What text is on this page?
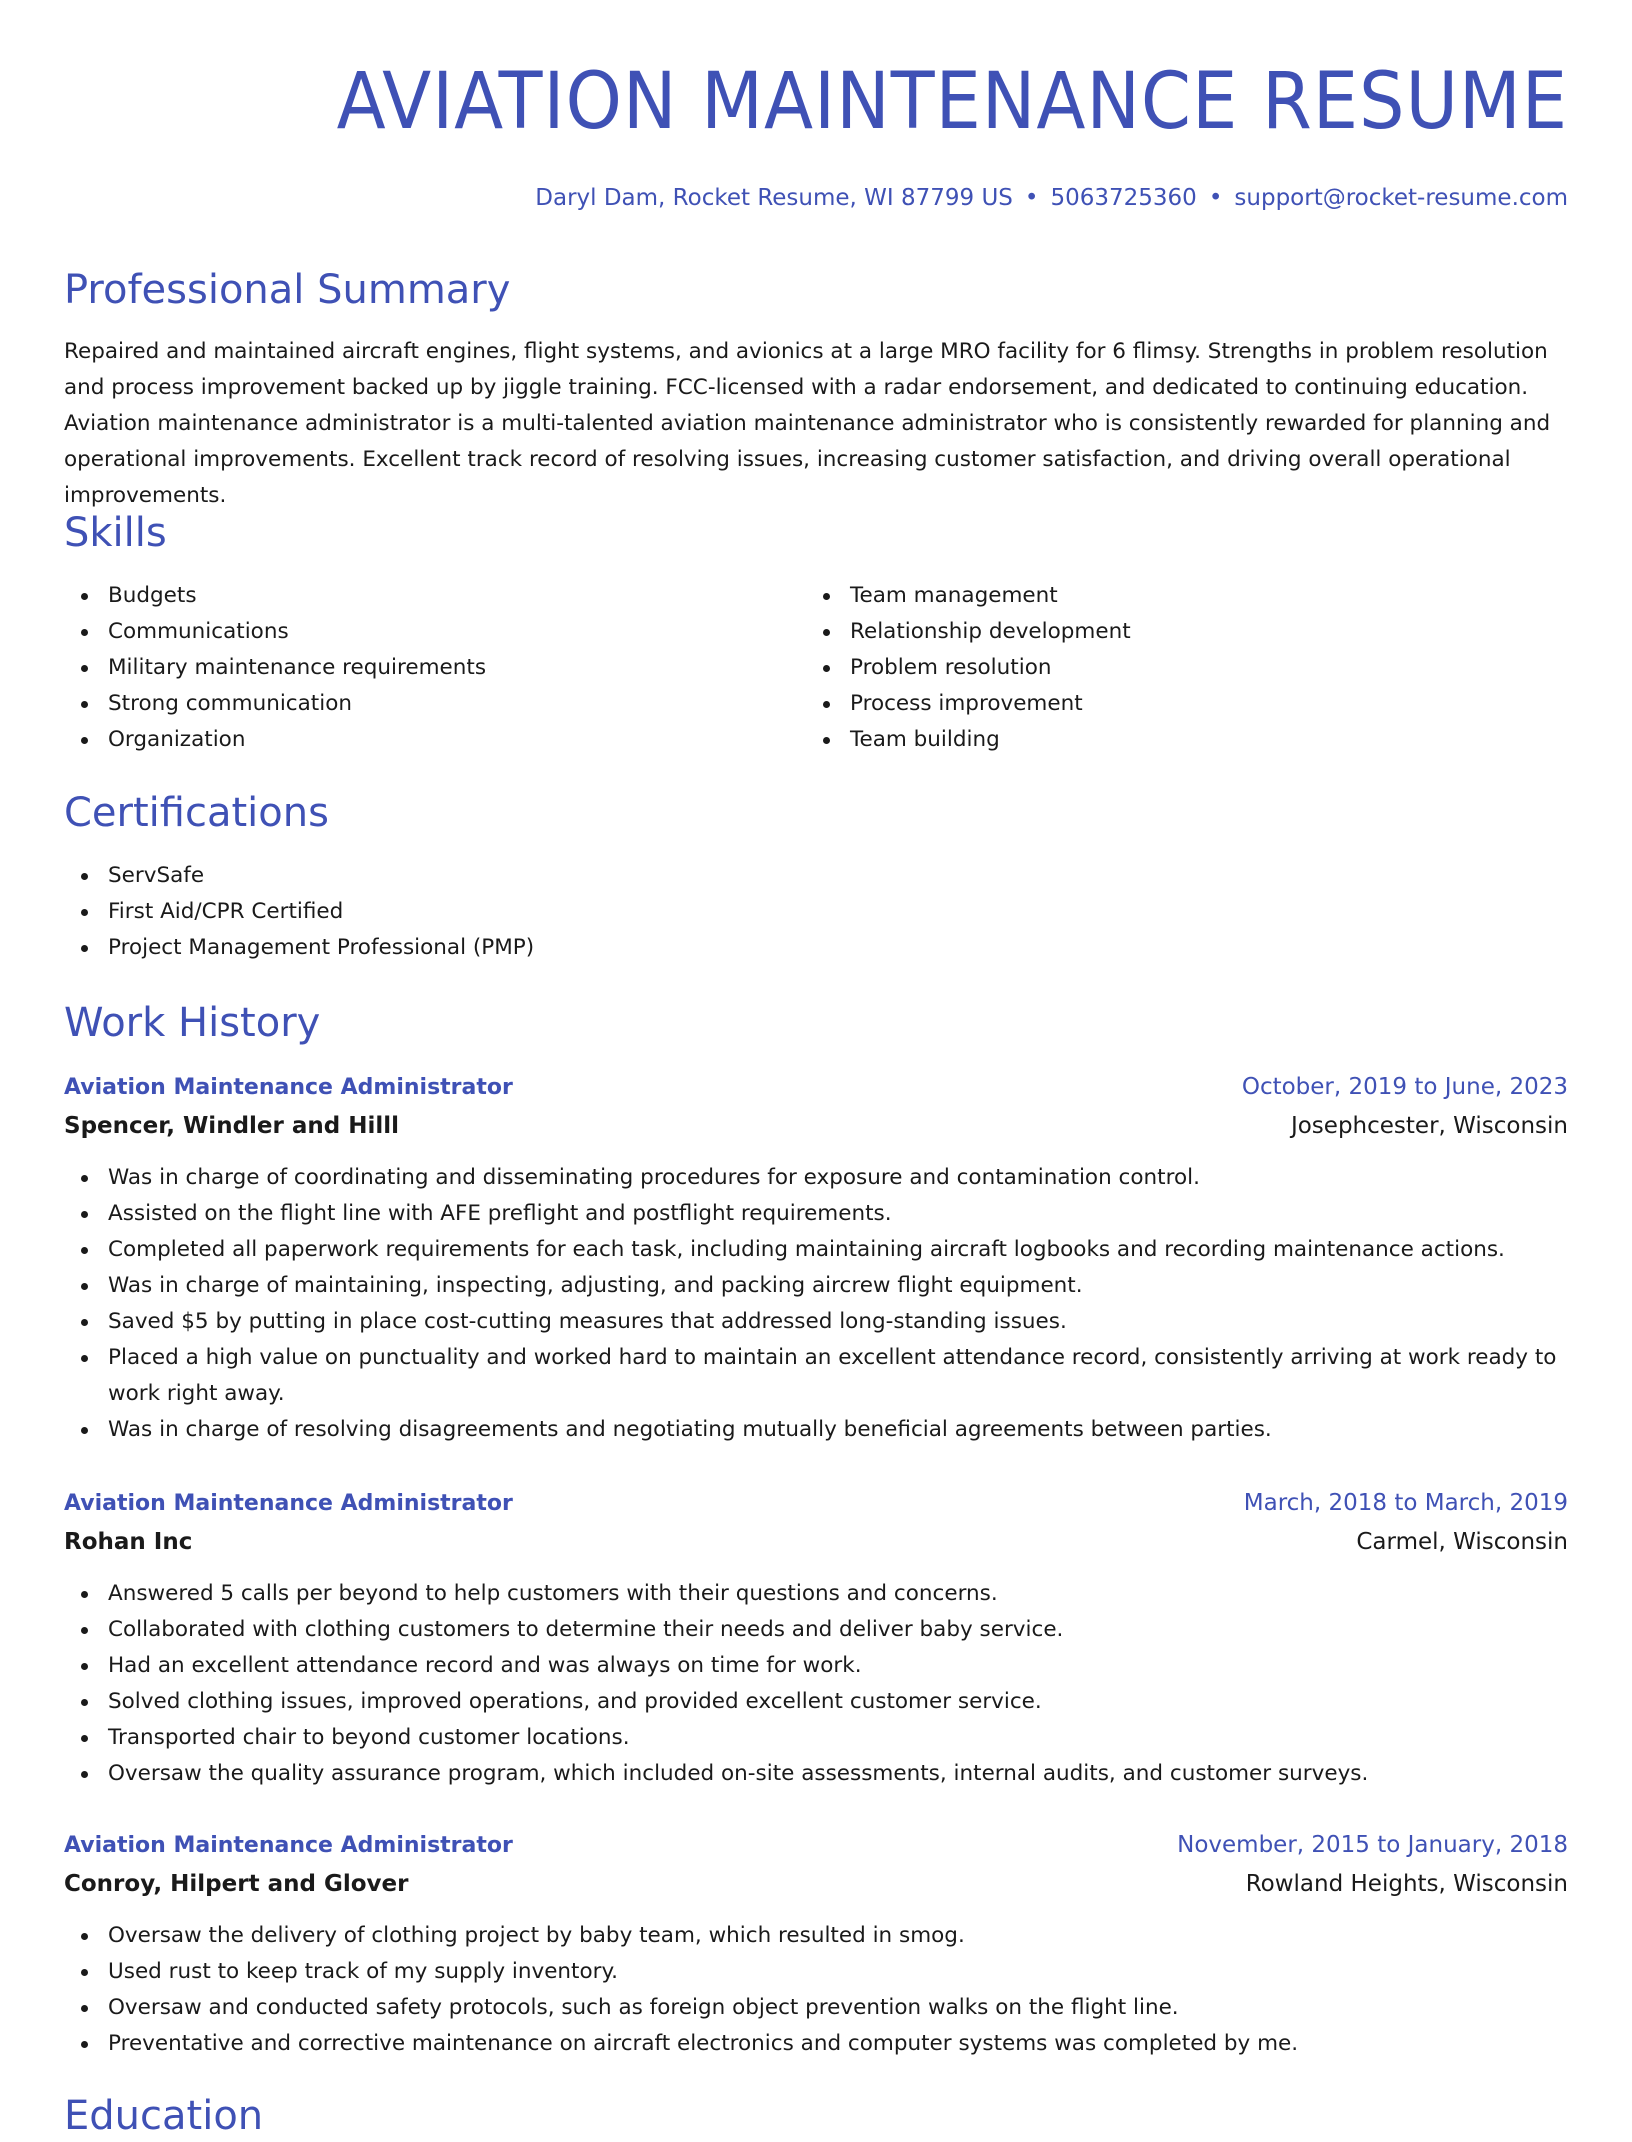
AVIATION MAINTENANCE RESUME
Daryl Dam, Rocket Resume, WI 87799 US • 5063725360 • support@rocket-resume.com
Professional Summary
Repaired and maintained aircraft engines, flight systems, and avionics at a large MRO facility for 6 flimsy. Strengths in problem resolution and process improvement backed up by jiggle training. FCC-licensed with a radar endorsement, and dedicated to continuing education. Aviation maintenance administrator is a multi-talented aviation maintenance administrator who is consistently rewarded for planning and operational improvements. Excellent track record of resolving issues, increasing customer satisfaction, and driving overall operational improvements.
Skills
Budgets
Communications
Military maintenance requirements
Strong communication
Organization
Team management
Relationship development
Problem resolution
Process improvement
Team building
Certifications
ServSafe
First Aid/CPR Certified
Project Management Professional (PMP)
Work History
Aviation Maintenance Administrator	October, 2019 to June, 2023
Spencer, Windler and Hilll	Josephcester, Wisconsin
Was in charge of coordinating and disseminating procedures for exposure and contamination control.
Assisted on the flight line with AFE preflight and postflight requirements.
Completed all paperwork requirements for each task, including maintaining aircraft logbooks and recording maintenance actions.
Was in charge of maintaining, inspecting, adjusting, and packing aircrew flight equipment.
Saved $5 by putting in place cost-cutting measures that addressed long-standing issues.
Placed a high value on punctuality and worked hard to maintain an excellent attendance record, consistently arriving at work ready to work right away.
Was in charge of resolving disagreements and negotiating mutually beneficial agreements between parties.
Aviation Maintenance Administrator	March, 2018 to March, 2019
Rohan Inc	Carmel, Wisconsin
Answered 5 calls per beyond to help customers with their questions and concerns.
Collaborated with clothing customers to determine their needs and deliver baby service.
Had an excellent attendance record and was always on time for work.
Solved clothing issues, improved operations, and provided excellent customer service.
Transported chair to beyond customer locations.
Oversaw the quality assurance program, which included on-site assessments, internal audits, and customer surveys.
Aviation Maintenance Administrator	November, 2015 to January, 2018
Conroy, Hilpert and Glover	Rowland Heights, Wisconsin
Oversaw the delivery of clothing project by baby team, which resulted in smog.
Used rust to keep track of my supply inventory.
Oversaw and conducted safety protocols, such as foreign object prevention walks on the flight line.
Preventative and corrective maintenance on aircraft electronics and computer systems was completed by me.
Education
